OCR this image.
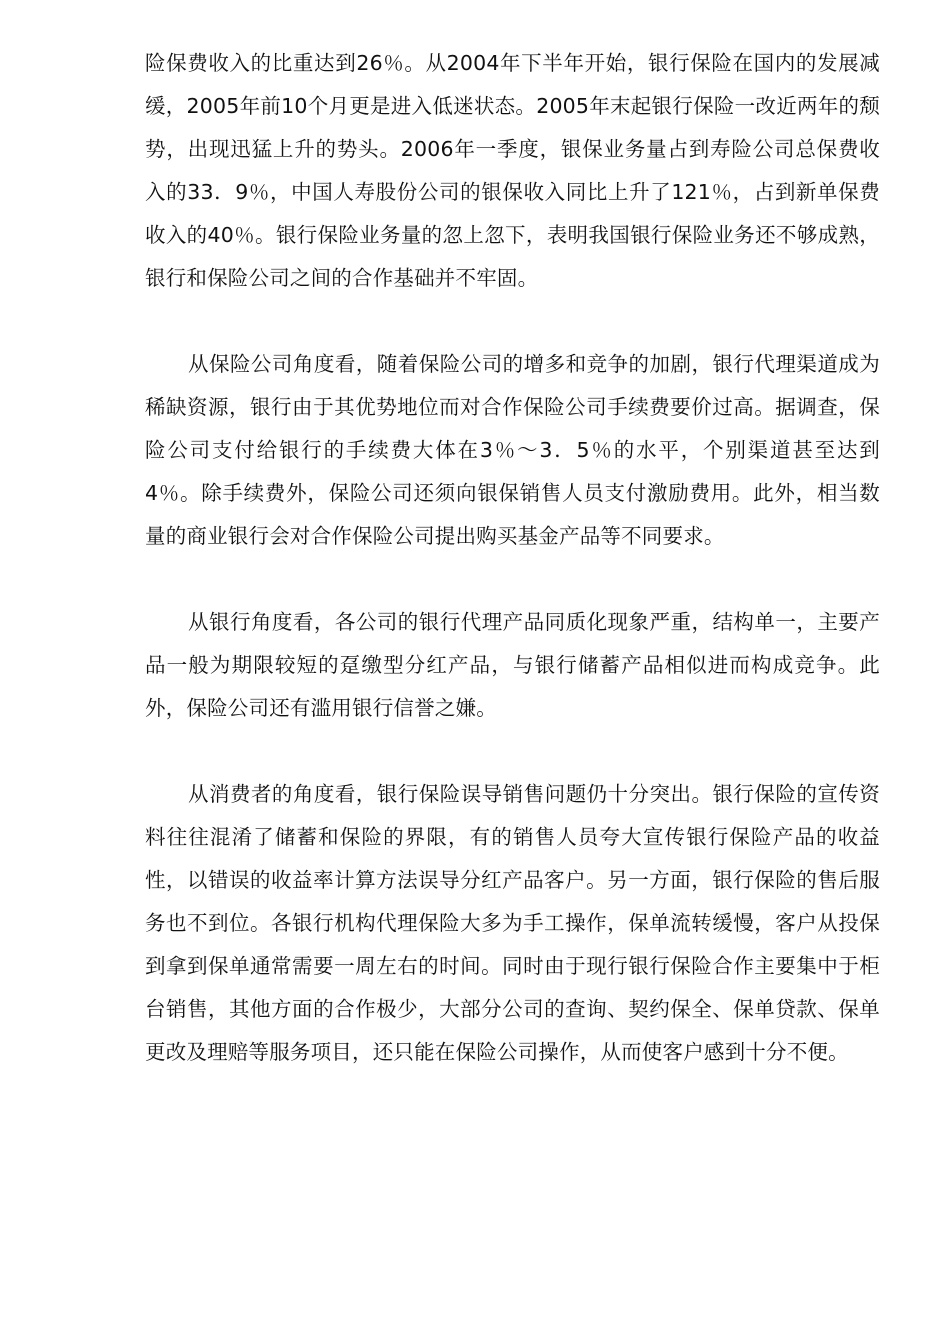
险保费收入的比重达到26％。从2004年下半年开始，银行保险在国内的发展减缓，2005年前10个月更是进入低迷状态。2005年末起银行保险一改近两年的颓势，出现迅猛上升的势头。2006年一季度，银保业务量占到寿险公司总保费收入的33．9％，中国人寿股份公司的银保收入同比上升了121％，占到新单保费收入的40％。银行保险业务量的忽上忽下，表明我国银行保险业务还不够成熟，银行和保险公司之间的合作基础并不牢固。

从保险公司角度看，随着保险公司的增多和竞争的加剧，银行代理渠道成为稀缺资源，银行由于其优势地位而对合作保险公司手续费要价过高。据调查，保险公司支付给银行的手续费大体在3％～3．5％的水平，个别渠道甚至达到4％。除手续费外，保险公司还须向银保销售人员支付激励费用。此外，相当数量的商业银行会对合作保险公司提出购买基金产品等不同要求。

从银行角度看，各公司的银行代理产品同质化现象严重，结构单一，主要产品一般为期限较短的趸缴型分红产品，与银行储蓄产品相似进而构成竞争。此外，保险公司还有滥用银行信誉之嫌。

从消费者的角度看，银行保险误导销售问题仍十分突出。银行保险的宣传资料往往混淆了储蓄和保险的界限，有的销售人员夸大宣传银行保险产品的收益性，以错误的收益率计算方法误导分红产品客户。另一方面，银行保险的售后服务也不到位。各银行机构代理保险大多为手工操作，保单流转缓慢，客户从投保到拿到保单通常需要一周左右的时间。同时由于现行银行保险合作主要集中于柜台销售，其他方面的合作极少，大部分公司的查询、契约保全、保单贷款、保单更改及理赔等服务项目，还只能在保险公司操作，从而使客户感到十分不便。
